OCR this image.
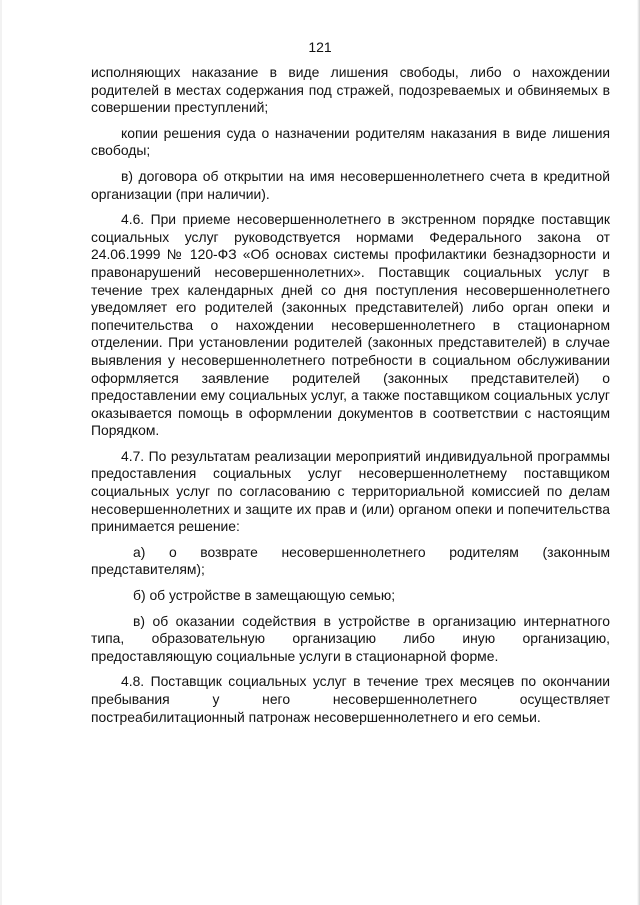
121

исполняющих наказание в виде лишения свободы, либо о нахождении родителей в местах содержания под стражей, подозреваемых и обвиняемых в совершении преступлений;

копии решения суда о назначении родителям наказания в виде лишения свободы;

в) договора об открытии на имя несовершеннолетнего счета в кредитной организации (при наличии).

4.6. При приеме несовершеннолетнего в экстренном порядке поставщик социальных услуг руководствуется нормами Федерального закона от 24.06.1999 № 120-ФЗ «Об основах системы профилактики безнадзорности и правонарушений несовершеннолетних». Поставщик социальных услуг в течение трех календарных дней со дня поступления несовершеннолетнего уведомляет его родителей (законных представителей) либо орган опеки и попечительства о нахождении несовершеннолетнего в стационарном отделении. При установлении родителей (законных представителей) в случае выявления у несовершеннолетнего потребности в социальном обслуживании оформляется заявление родителей (законных представителей) о предоставлении ему социальных услуг, а также поставщиком социальных услуг оказывается помощь в оформлении документов в соответствии с настоящим Порядком.

4.7. По результатам реализации мероприятий индивидуальной программы предоставления социальных услуг несовершеннолетнему поставщиком социальных услуг по согласованию с территориальной комиссией по делам несовершеннолетних и защите их прав и (или) органом опеки и попечительства принимается решение:

а) о возврате несовершеннолетнего родителям (законным представителям);

б) об устройстве в замещающую семью;

в) об оказании содействия в устройстве в организацию интернатного типа, образовательную организацию либо иную организацию, предоставляющую социальные услуги в стационарной форме.

4.8. Поставщик социальных услуг в течение трех месяцев по окончании пребывания у него несовершеннолетнего осуществляет постреабилитационный патронаж несовершеннолетнего и его семьи.
